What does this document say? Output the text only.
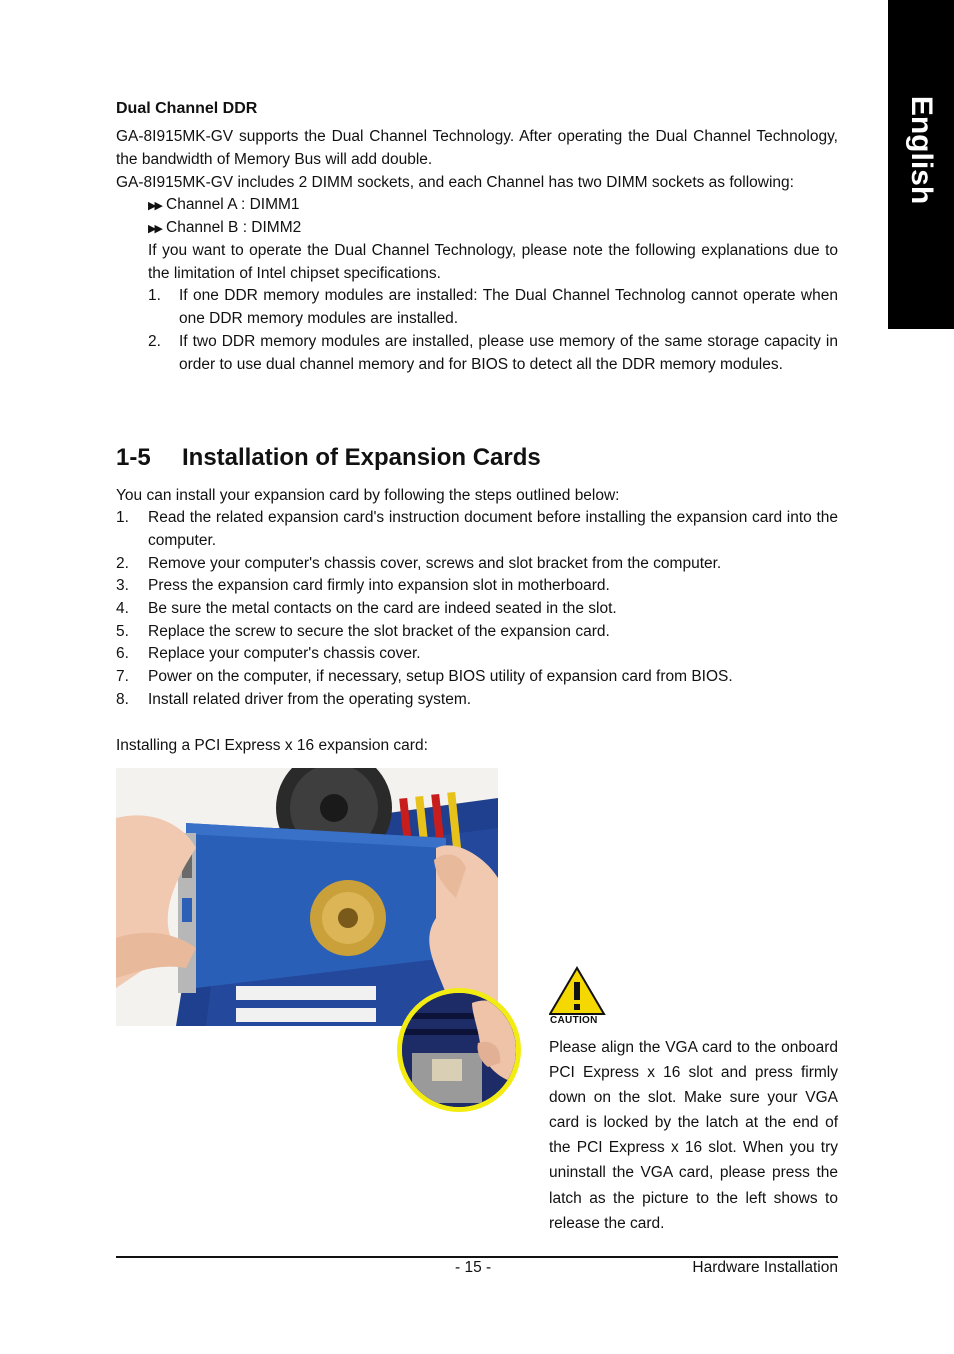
English
Dual Channel DDR
GA-8I915MK-GV supports the Dual Channel Technology. After operating the Dual Channel Technology, the bandwidth of Memory Bus will add double.
GA-8I915MK-GV includes 2 DIMM sockets, and each Channel has two DIMM sockets as following:
▶▶ Channel A : DIMM1
▶▶ Channel B : DIMM2
If you want to operate the Dual Channel Technology, please note the following explanations due to the limitation of Intel chipset specifications.
1. If one DDR memory modules are installed: The Dual Channel Technolog cannot operate when one DDR memory modules are installed.
2. If two DDR memory modules are installed, please use memory of the same storage capacity in order to use dual channel memory and for BIOS to detect all the DDR memory modules.
1-5 Installation of Expansion Cards
You can install your expansion card by following the steps outlined below:
1. Read the related expansion card's instruction document before installing the expansion card into the computer.
2. Remove your computer's chassis cover, screws and slot bracket from the computer.
3. Press the expansion card firmly into expansion slot in motherboard.
4. Be sure the metal contacts on the card are indeed seated in the slot.
5. Replace the screw to secure the slot bracket of the expansion card.
6. Replace your computer's chassis cover.
7. Power on the computer, if necessary, setup BIOS utility of expansion card from BIOS.
8. Install related driver from the operating system.
Installing a PCI Express x 16 expansion card:
CAUTION
Please align the VGA card to the onboard PCI Express x 16 slot and press firmly down on the slot. Make sure your VGA card is locked by the latch at the end of the PCI Express x 16 slot. When you try uninstall the VGA card, please press the latch as the picture to the left shows to release the card.
- 15 -	Hardware Installation
